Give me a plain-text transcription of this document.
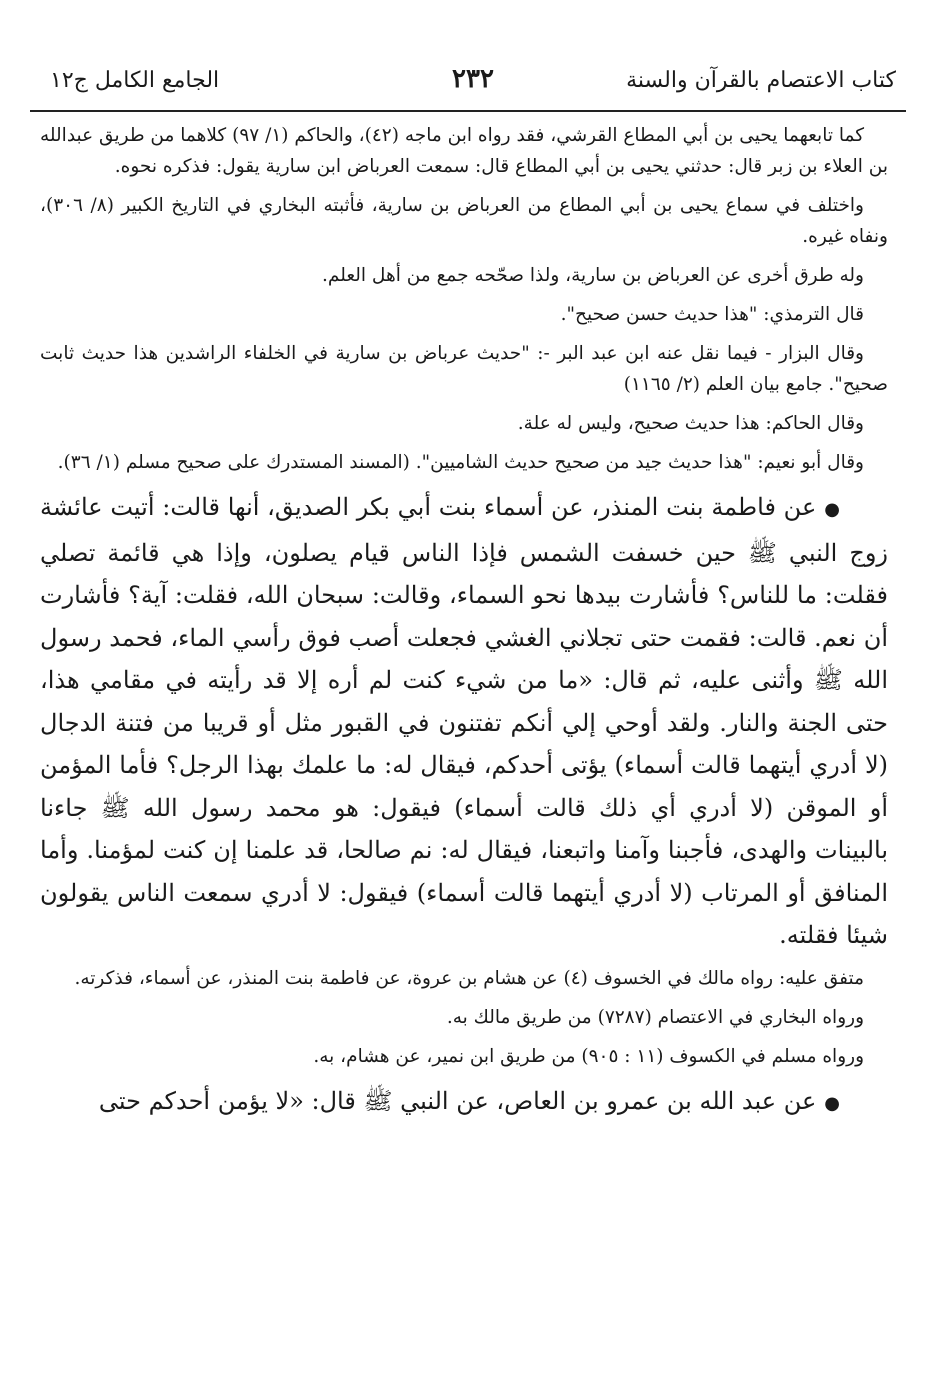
كتاب الاعتصام بالقرآن والسنة
٢٣٢
الجامع الكامل ج١٢

كما تابعهما يحيى بن أبي المطاع القرشي، فقد رواه ابن ماجه (٤٢)، والحاكم (١/ ٩٧) كلاهما من طريق عبدالله بن العلاء بن زبر قال: حدثني يحيى بن أبي المطاع قال: سمعت العرباض ابن سارية يقول: فذكره نحوه.

واختلف في سماع يحيى بن أبي المطاع من العرباض بن سارية، فأثبته البخاري في التاريخ الكبير (٨/ ٣٠٦)، ونفاه غيره.

وله طرق أخرى عن العرباض بن سارية، ولذا صحّحه جمع من أهل العلم.

قال الترمذي: "هذا حديث حسن صحيح".

وقال البزار - فيما نقل عنه ابن عبد البر -: "حديث عرباض بن سارية في الخلفاء الراشدين هذا حديث ثابت صحيح". جامع بيان العلم (٢/ ١١٦٥)

وقال الحاكم: هذا حديث صحيح، وليس له علة.

وقال أبو نعيم: "هذا حديث جيد من صحيح حديث الشاميين". (المسند المستدرك على صحيح مسلم (١/ ٣٦).

●عن فاطمة بنت المنذر، عن أسماء بنت أبي بكر الصديق، أنها قالت: أتيت عائشة زوج النبي ﷺ حين خسفت الشمس فإذا الناس قيام يصلون، وإذا هي قائمة تصلي فقلت: ما للناس؟ فأشارت بيدها نحو السماء، وقالت: سبحان الله، فقلت: آية؟ فأشارت أن نعم. قالت: فقمت حتى تجلاني الغشي فجعلت أصب فوق رأسي الماء، فحمد رسول الله ﷺ وأثنى عليه، ثم قال: «ما من شيء كنت لم أره إلا قد رأيته في مقامي هذا، حتى الجنة والنار. ولقد أوحي إلي أنكم تفتنون في القبور مثل أو قريبا من فتنة الدجال (لا أدري أيتهما قالت أسماء) يؤتى أحدكم، فيقال له: ما علمك بهذا الرجل؟ فأما المؤمن أو الموقن (لا أدري أي ذلك قالت أسماء) فيقول: هو محمد رسول الله ﷺ جاءنا بالبينات والهدى، فأجبنا وآمنا واتبعنا، فيقال له: نم صالحا، قد علمنا إن كنت لمؤمنا. وأما المنافق أو المرتاب (لا أدري أيتهما قالت أسماء) فيقول: لا أدري سمعت الناس يقولون شيئا فقلته.

متفق عليه: رواه مالك في الخسوف (٤) عن هشام بن عروة، عن فاطمة بنت المنذر، عن أسماء، فذكرته.

ورواه البخاري في الاعتصام (٧٢٨٧) من طريق مالك به.

ورواه مسلم في الكسوف (١١ : ٩٠٥) من طريق ابن نمير، عن هشام، به.

●عن عبد الله بن عمرو بن العاص، عن النبي ﷺ قال: «لا يؤمن أحدكم حتى
